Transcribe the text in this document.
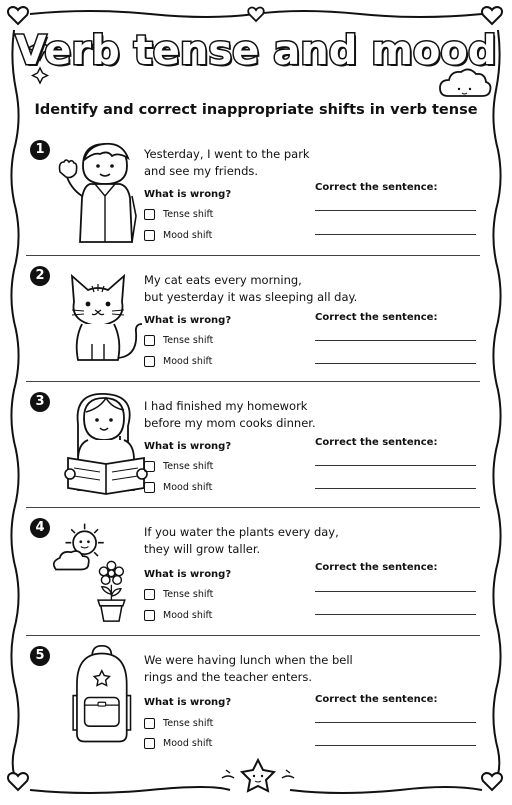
Verb tense and mood
Identify and correct inappropriate shifts in verb tense
1	Yesterday, I went to the park
and see my friends.
What is wrong?
Tense shift
Mood shift
Correct the sentence:
2	My cat eats every morning,
but yesterday it was sleeping all day.
What is wrong?
Tense shift
Mood shift
Correct the sentence:
3	I had finished my homework
before my mom cooks dinner.
What is wrong?
Tense shift
Mood shift
Correct the sentence:
4	If you water the plants every day,
they will grow taller.
What is wrong?
Tense shift
Mood shift
Correct the sentence:
5	We were having lunch when the bell
rings and the teacher enters.
What is wrong?
Tense shift
Mood shift
Correct the sentence:
